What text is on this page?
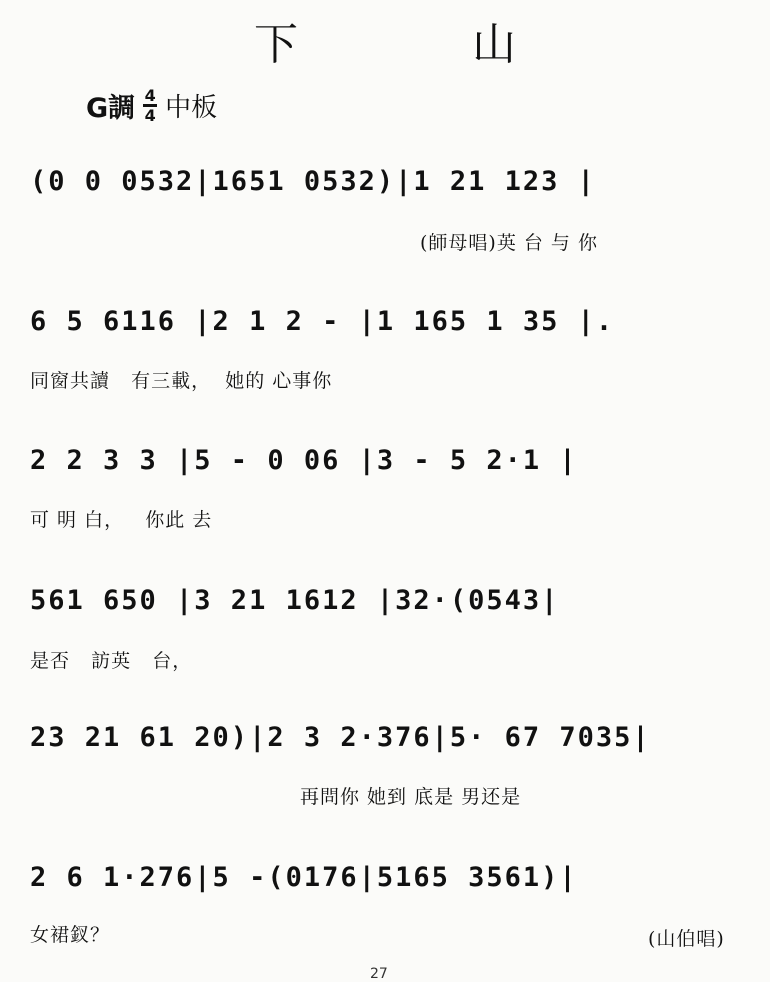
下 山
G調 $\frac{4}{4}$ 中板
(0 0 0532|1651 0532)|1 21 123 |
(師母唱)英 台 与 你
6 5 6116 |2 1 2 - |1 165 1 35 |.
同窗共讀   有三載，  她的 心事你
2 2 3 3 |5 - 0 06 |3 - 5 2·1 |
可 明 白，   你此 去
561 650 |3 21 1612 |32·(0543|
是否   訪英   台，
23 21 61 20)|2 3 2·376|5· 67 7035|
再問你 她到 底是 男还是
2 6 1·276|5 -(0176|5165 3561)|
女裙釵？	(山伯唱)
27
